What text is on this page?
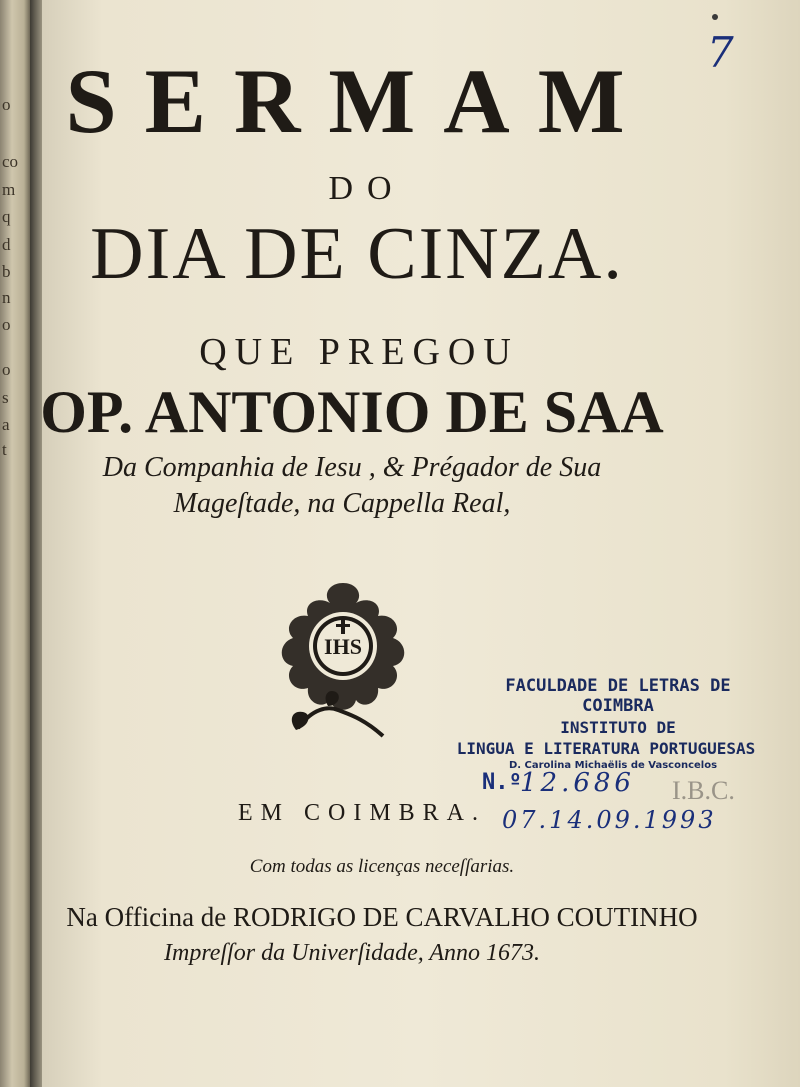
o
co
m
q
d
b
n
o
o
s
a
t
7
SERMAM
DO
DIA DE CINZA.
QUE PREGOU
OP. ANTONIO DE SAA
Da Companhia de Iesu , & Prégador de Sua
Mageſtade, na Cappella Real,
IHS
EM COIMBRA.
Com todas as licenças neceſſarias.
Na Officina de RODRIGO DE CARVALHO COUTINHO
Impreſſor da Univerſidade, Anno 1673.
FACULDADE DE LETRAS DE COIMBRA
INSTITUTO DE
LINGUA E LITERATURA PORTUGUESAS
D. Carolina Michaëlis de Vasconcelos
N.º
12.686
07.14.09.1993
I.B.C.
